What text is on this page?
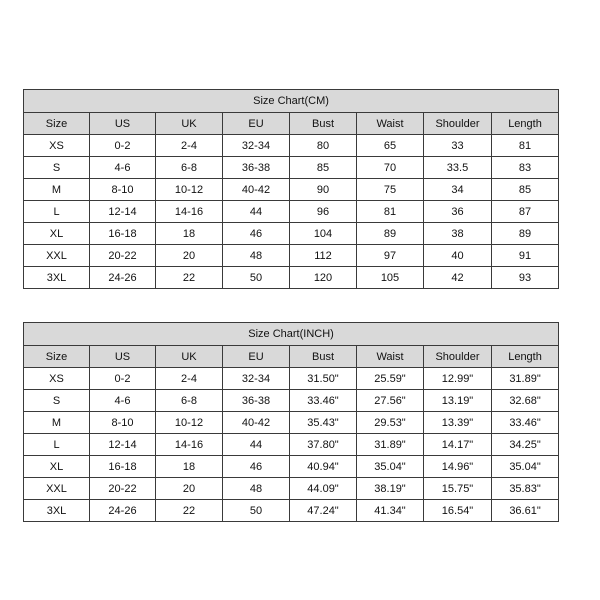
Size Chart(CM)							
Size	US	UK	EU	Bust	Waist	Shoulder	Length
XS	0-2	2-4	32-34	80	65	33	81
S	4-6	6-8	36-38	85	70	33.5	83
M	8-10	10-12	40-42	90	75	34	85
L	12-14	14-16	44	96	81	36	87
XL	16-18	18	46	104	89	38	89
XXL	20-22	20	48	112	97	40	91
3XL	24-26	22	50	120	105	42	93
Size Chart(INCH)							
Size	US	UK	EU	Bust	Waist	Shoulder	Length
XS	0-2	2-4	32-34	31.50"	25.59"	12.99"	31.89"
S	4-6	6-8	36-38	33.46"	27.56"	13.19"	32.68"
M	8-10	10-12	40-42	35.43"	29.53"	13.39"	33.46"
L	12-14	14-16	44	37.80"	31.89"	14.17"	34.25"
XL	16-18	18	46	40.94"	35.04"	14.96"	35.04"
XXL	20-22	20	48	44.09"	38.19"	15.75"	35.83"
3XL	24-26	22	50	47.24"	41.34"	16.54"	36.61"
